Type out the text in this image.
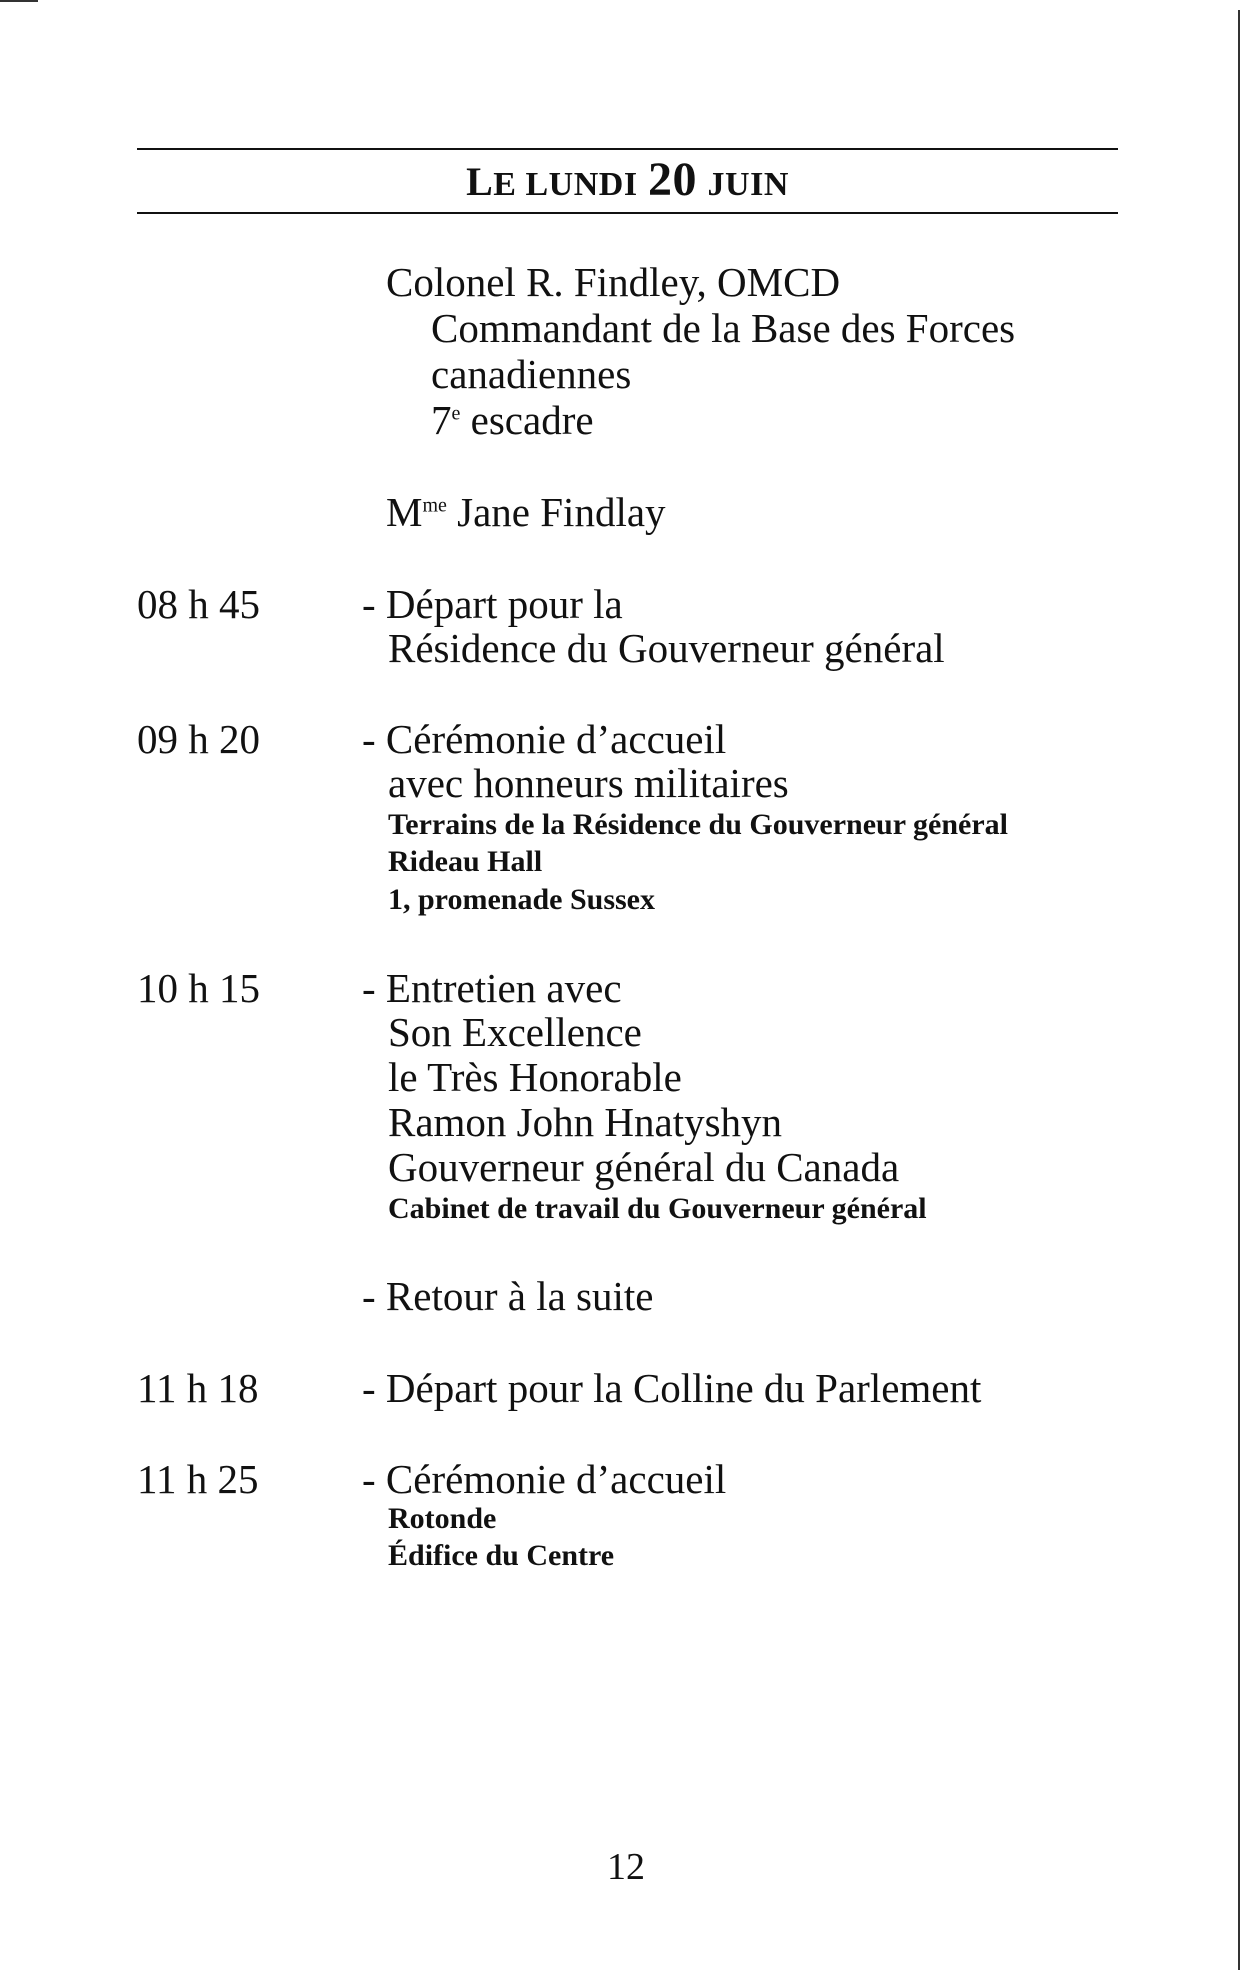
LE LUNDI 20 JUIN
Colonel R. Findley, OMCD
Commandant de la Base des Forces
canadiennes
7e escadre
$M^{me}$ Jane Findlay
08 h 45 - Départ pour la
Résidence du Gouverneur général
09 h 20 - Cérémonie d’accueil
avec honneurs militaires
Terrains de la Résidence du Gouverneur général
Rideau Hall
1, promenade Sussex
10 h 15 - Entretien avec
Son Excellence
le Très Honorable
Ramon John Hnatyshyn
Gouverneur général du Canada
Cabinet de travail du Gouverneur général
- Retour à la suite
11 h 18	- Départ pour la Colline du Parlement
11 h 25	- Cérémonie d’accueil
Rotonde
Édifice du Centre
12
